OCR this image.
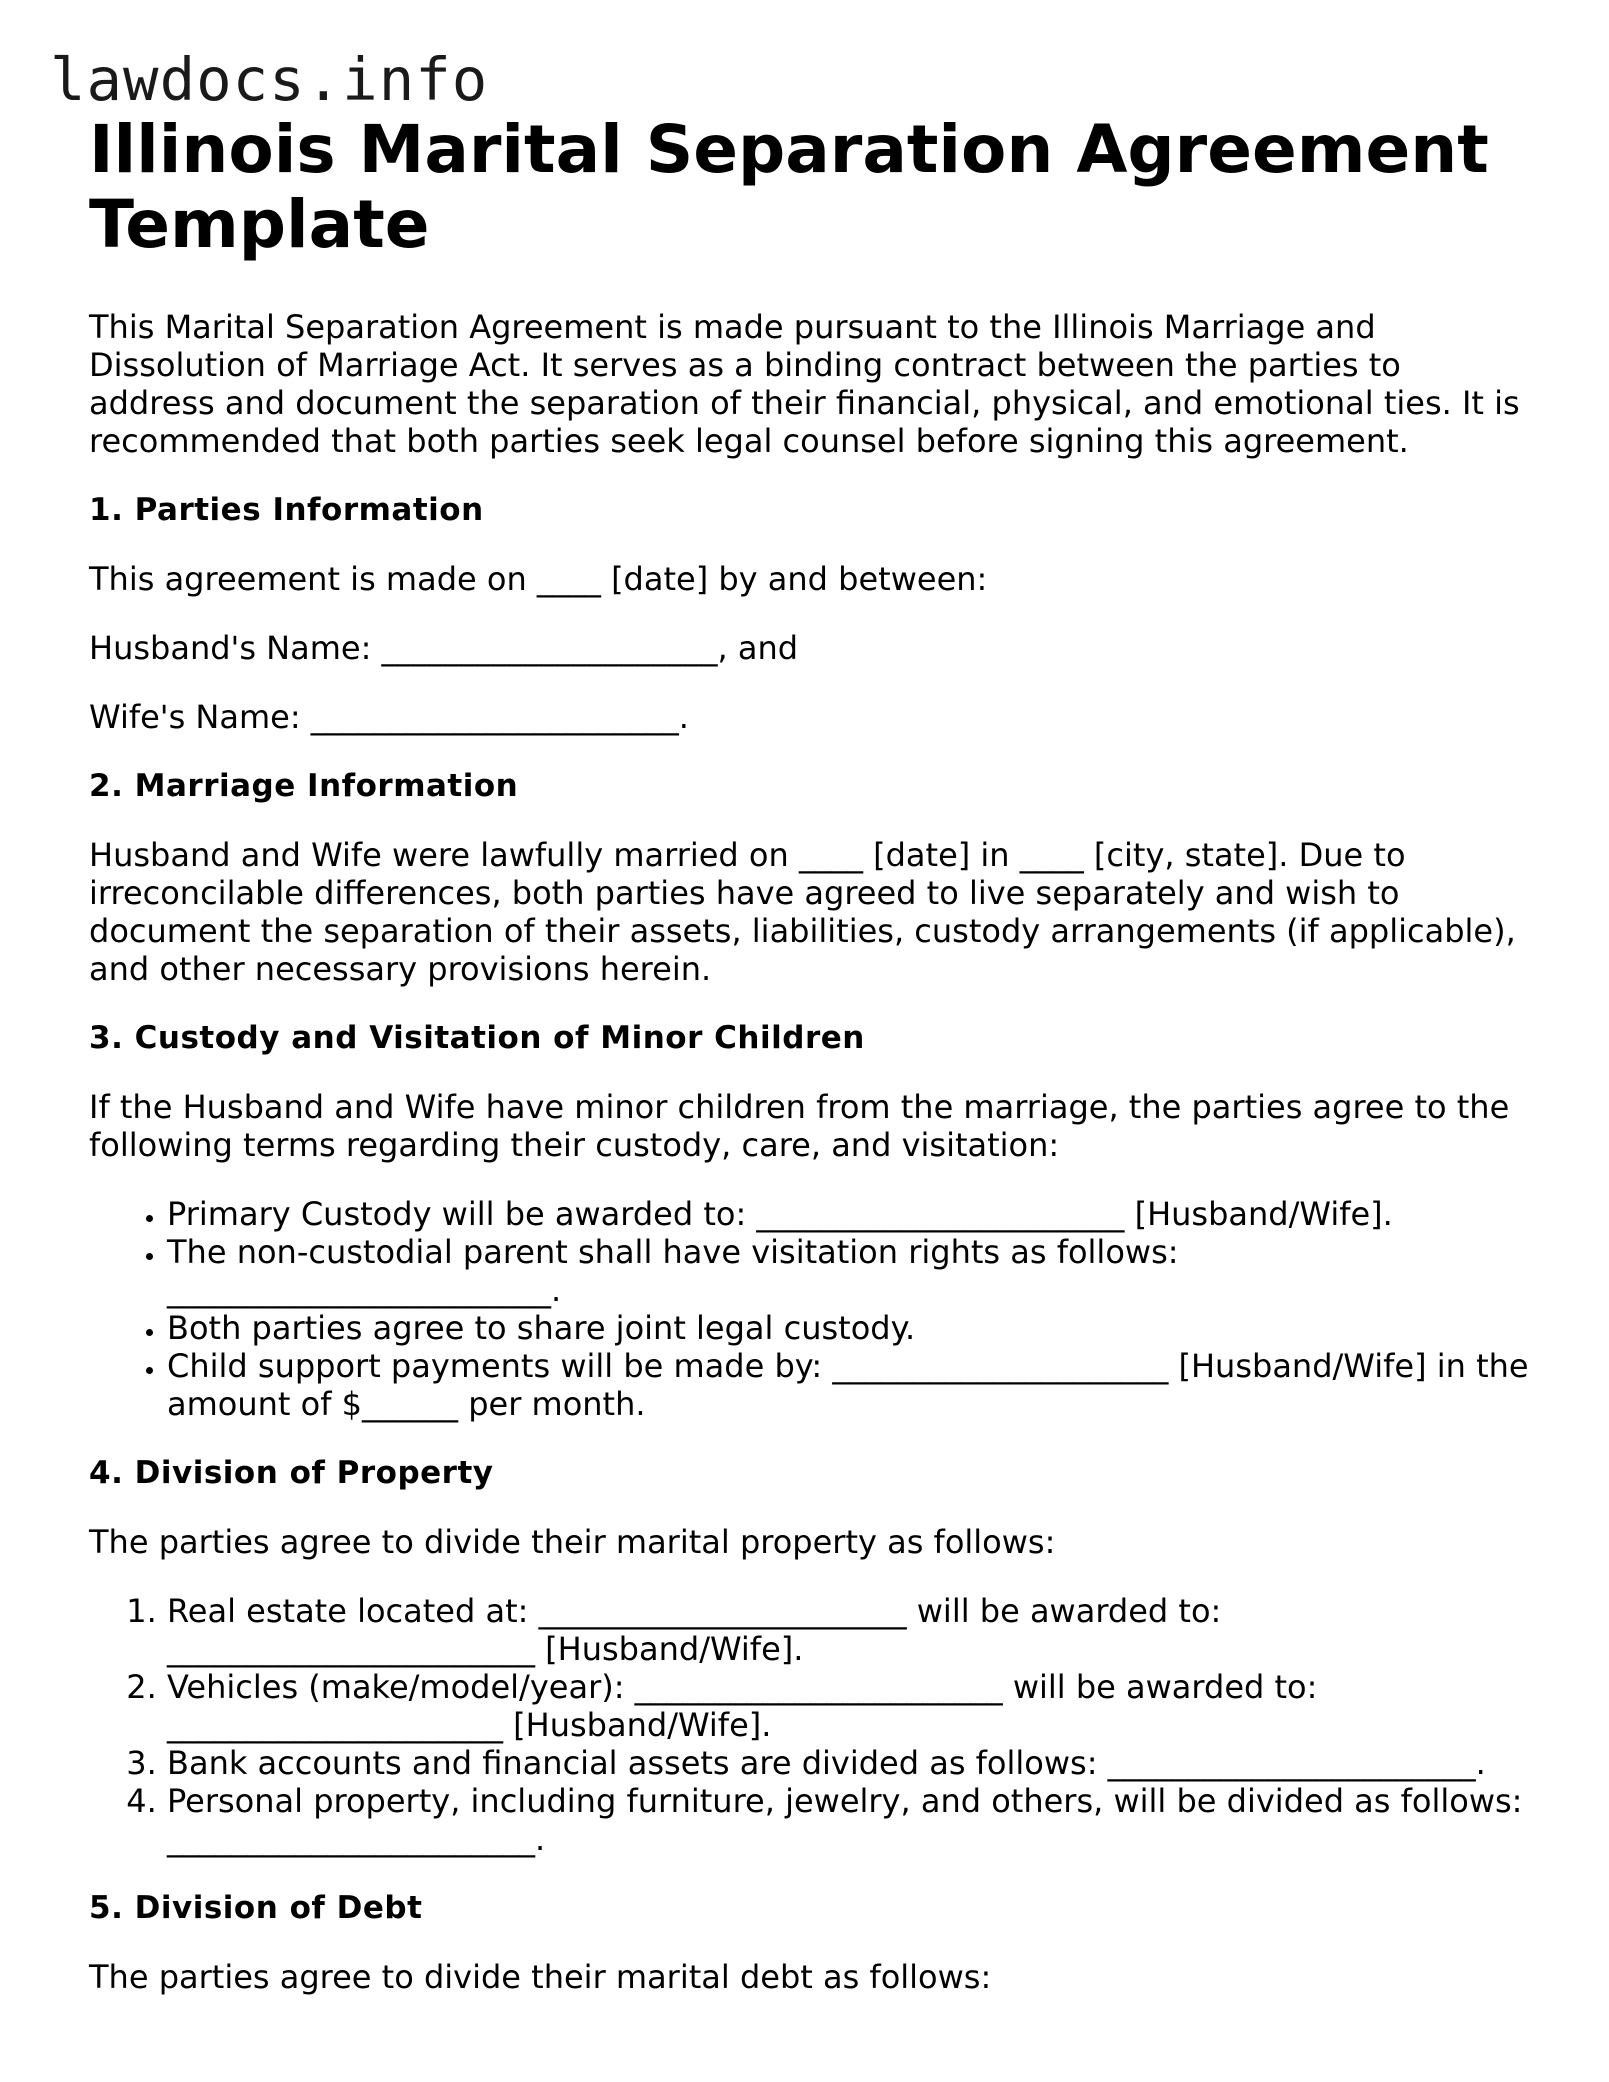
lawdocs.info
Illinois Marital Separation Agreement Template

This Marital Separation Agreement is made pursuant to the Illinois Marriage and Dissolution of Marriage Act. It serves as a binding contract between the parties to address and document the separation of their financial, physical, and emotional ties. It is recommended that both parties seek legal counsel before signing this agreement.

1. Parties Information

This agreement is made on ____ [date] by and between:

Husband's Name: _____________________, and

Wife's Name: _______________________.

2. Marriage Information

Husband and Wife were lawfully married on ____ [date] in ____ [city, state]. Due to irreconcilable differences, both parties have agreed to live separately and wish to document the separation of their assets, liabilities, custody arrangements (if applicable), and other necessary provisions herein.

3. Custody and Visitation of Minor Children

If the Husband and Wife have minor children from the marriage, the parties agree to the following terms regarding their custody, care, and visitation:

• Primary Custody will be awarded to: _______________________ [Husband/Wife].
• The non-custodial parent shall have visitation rights as follows: ________________________.
• Both parties agree to share joint legal custody.
• Child support payments will be made by: _____________________ [Husband/Wife] in the amount of $______ per month.
4. Division of Property

The parties agree to divide their marital property as follows:

1. Real estate located at: _______________________ will be awarded to: _______________________ [Husband/Wife].
2. Vehicles (make/model/year): _______________________ will be awarded to: _____________________ [Husband/Wife].
3. Bank accounts and financial assets are divided as follows: _______________________.
4. Personal property, including furniture, jewelry, and others, will be divided as follows: _______________________.
5. Division of Debt

The parties agree to divide their marital debt as follows:
